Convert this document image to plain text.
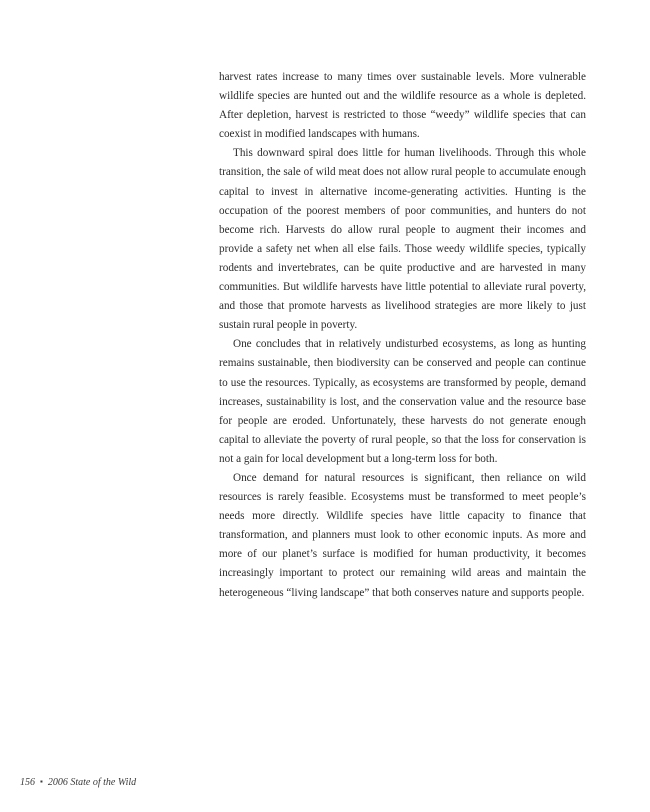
harvest rates increase to many times over sustainable levels. More vulnerable wildlife species are hunted out and the wildlife resource as a whole is depleted. After depletion, harvest is restricted to those “weedy” wildlife species that can coexist in modified landscapes with humans.

This downward spiral does little for human livelihoods. Through this whole transition, the sale of wild meat does not allow rural people to accumulate enough capital to invest in alternative income-generating activities. Hunting is the occupation of the poorest members of poor communities, and hunters do not become rich. Harvests do allow rural people to augment their incomes and provide a safety net when all else fails. Those weedy wildlife species, typically rodents and invertebrates, can be quite productive and are harvested in many communities. But wildlife harvests have little potential to alleviate rural poverty, and those that promote harvests as livelihood strategies are more likely to just sustain rural people in poverty.

One concludes that in relatively undisturbed ecosystems, as long as hunting remains sustainable, then biodiversity can be conserved and people can continue to use the resources. Typically, as ecosystems are transformed by people, demand increases, sustainability is lost, and the conservation value and the resource base for people are eroded. Unfortunately, these harvests do not generate enough capital to alleviate the poverty of rural people, so that the loss for conservation is not a gain for local development but a long-term loss for both.

Once demand for natural resources is significant, then reliance on wild resources is rarely feasible. Ecosystems must be transformed to meet people’s needs more directly. Wildlife species have little capacity to finance that transformation, and planners must look to other economic inputs. As more and more of our planet’s surface is modified for human productivity, it becomes increasingly important to protect our remaining wild areas and maintain the heterogeneous “living landscape” that both conserves nature and supports people.

156 ▪ 2006 State of the Wild
